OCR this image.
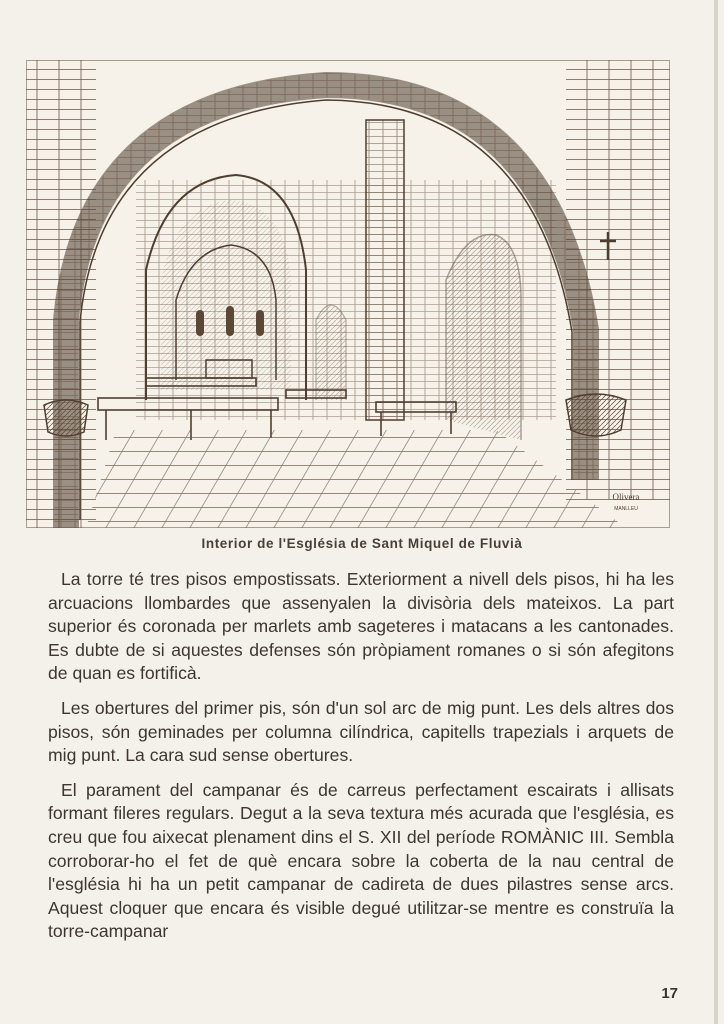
Olivera
MANLLEU
Interior de l'Església de Sant Miquel de Fluvià

La torre té tres pisos empostissats. Exteriorment a nivell dels pisos, hi ha les arcuacions llombardes que assenyalen la divisòria dels mateixos. La part superior és coronada per marlets amb sageteres i matacans a les cantonades. Es dubte de si aquestes defenses són pròpiament romanes o si són afegitons de quan es fortificà.

Les obertures del primer pis, són d'un sol arc de mig punt. Les dels altres dos pisos, són geminades per columna cilíndrica, capitells trapezials i arquets de mig punt. La cara sud sense obertures.

El parament del campanar és de carreus perfectament escairats i allisats formant fileres regulars. Degut a la seva textura més acurada que l'església, es creu que fou aixecat plenament dins el S. XII del període ROMÀNIC III. Sembla corroborar-ho el fet de què encara sobre la coberta de la nau central de l'església hi ha un petit campanar de cadireta de dues pilastres sense arcs. Aquest cloquer que encara és visible degué utilitzar-se mentre es construïa la torre-campanar

17
